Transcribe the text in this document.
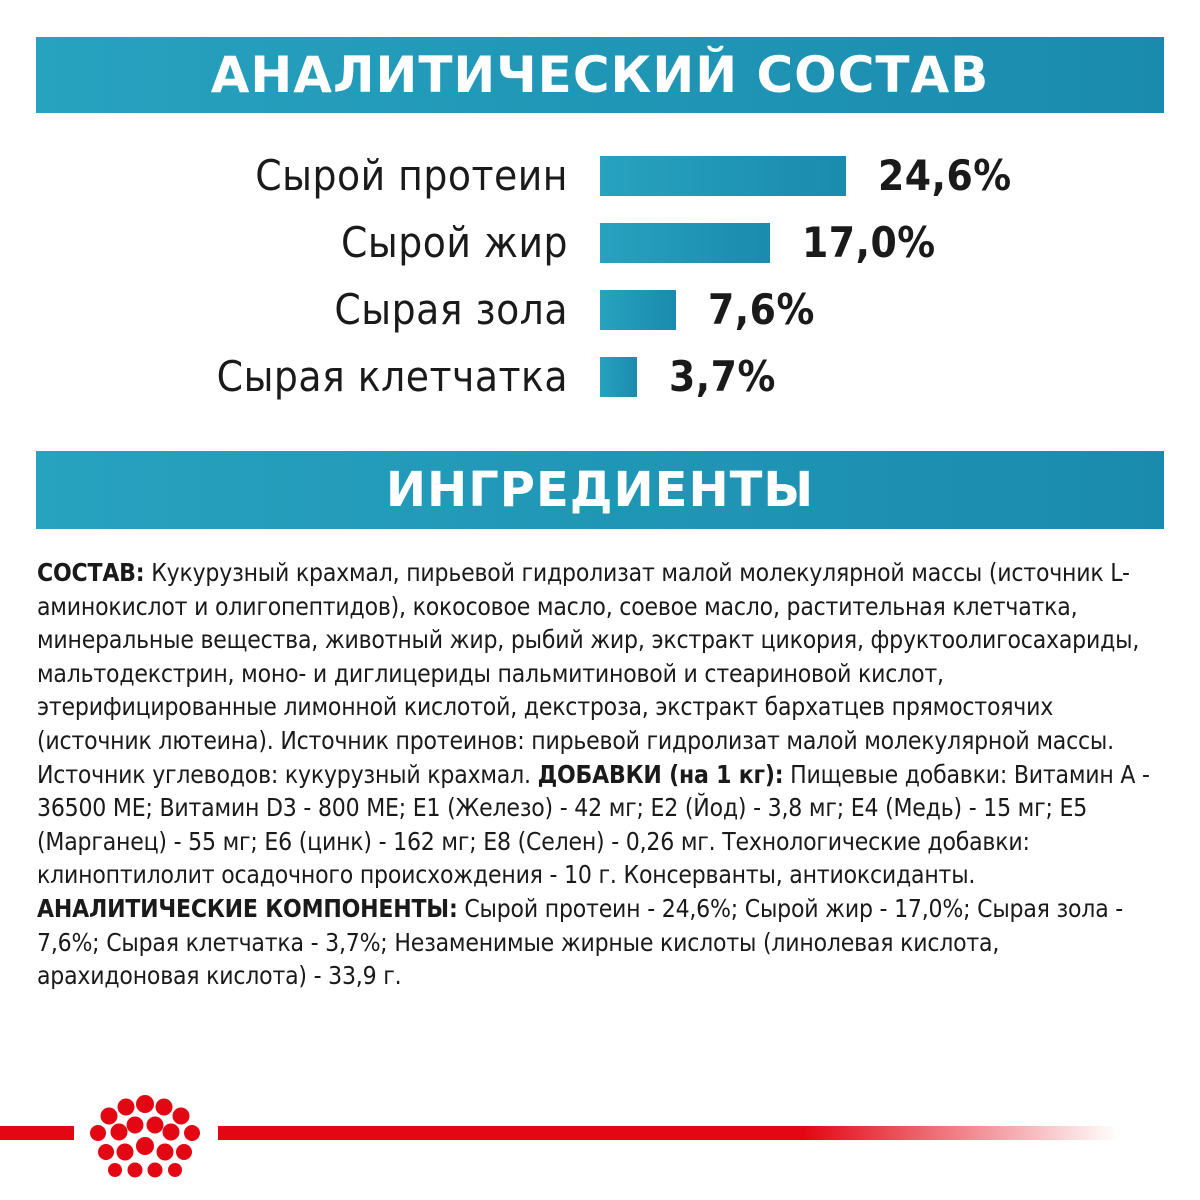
АНАЛИТИЧЕСКИЙ СОСТАВ
Сырой протеин	24,6%
Сырой жир	17,0%
Сырая зола	7,6%
Сырая клетчатка 3,7%
ИНГРЕДИЕНТЫ
СОСТАВ: Кукурузный крахмал, пирьевой гидролизат малой молекулярной массы (источник L-аминокислот и олигопептидов), кокосовое масло, соевое масло, растительная клетчатка, минеральные вещества, животный жир, рыбий жир, экстракт цикория, фруктоолигосахариды, мальтодекстрин, моно- и диглицериды пальмитиновой и стеариновой кислот, этерифицированные лимонной кислотой, декстроза, экстракт бархатцев прямостоячих (источник лютеина). Источник протеинов: пирьевой гидролизат малой молекулярной массы. Источник углеводов: кукурузный крахмал. ДОБАВКИ (на 1 кг): Пищевые добавки: Витамин А - 36500 МЕ; Витамин D3 - 800 МЕ; Е1 (Железо) - 42 мг; Е2 (Йод) - 3,8 мг; Е4 (Медь) - 15 мг; Е5 (Марганец) - 55 мг; Е6 (цинк) - 162 мг; Е8 (Селен) - 0,26 мг. Технологические добавки: клиноптилолит осадочного происхождения - 10 г. Консерванты, антиоксиданты. АНАЛИТИЧЕСКИЕ КОМПОНЕНТЫ: Сырой протеин - 24,6%; Сырой жир - 17,0%; Сырая зола - 7,6%; Сырая клетчатка - 3,7%; Незаменимые жирные кислоты (линолевая кислота, арахидоновая кислота) - 33,9 г.
